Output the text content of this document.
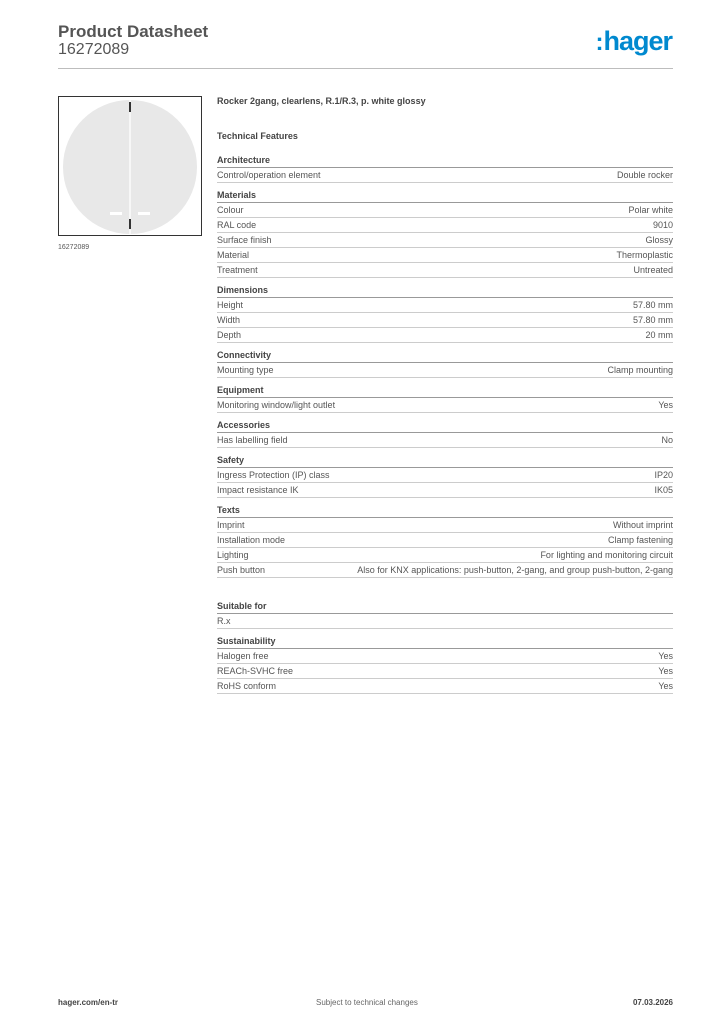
Product Datasheet
16272089	:hager
16272089
Rocker 2gang, clearlens, R.1/R.3, p. white glossy
Technical Features
Architecture
Control/operation element	Double rocker
Materials
Colour	Polar white
RAL code	9010
Surface finish	Glossy
Material	Thermoplastic
Treatment	Untreated
Dimensions
Height	57.80 mm
Width	57.80 mm
Depth	20 mm
Connectivity
Mounting type	Clamp mounting
Equipment
Monitoring window/light outlet	Yes
Accessories
Has labelling field	No
Safety
Ingress Protection (IP) class	IP20
Impact resistance IK	IK05
Texts
Imprint	Without imprint
Installation mode	Clamp fastening
Lighting	For lighting and monitoring circuit
Push button	Also for KNX applications: push-button, 2-gang, and group push-button, 2-gang
Suitable for
R.x
Sustainability
Halogen free	Yes
REACh-SVHC free	Yes
RoHS conform	Yes
hager.com/en-tr	Subject to technical changes	07.03.2026
